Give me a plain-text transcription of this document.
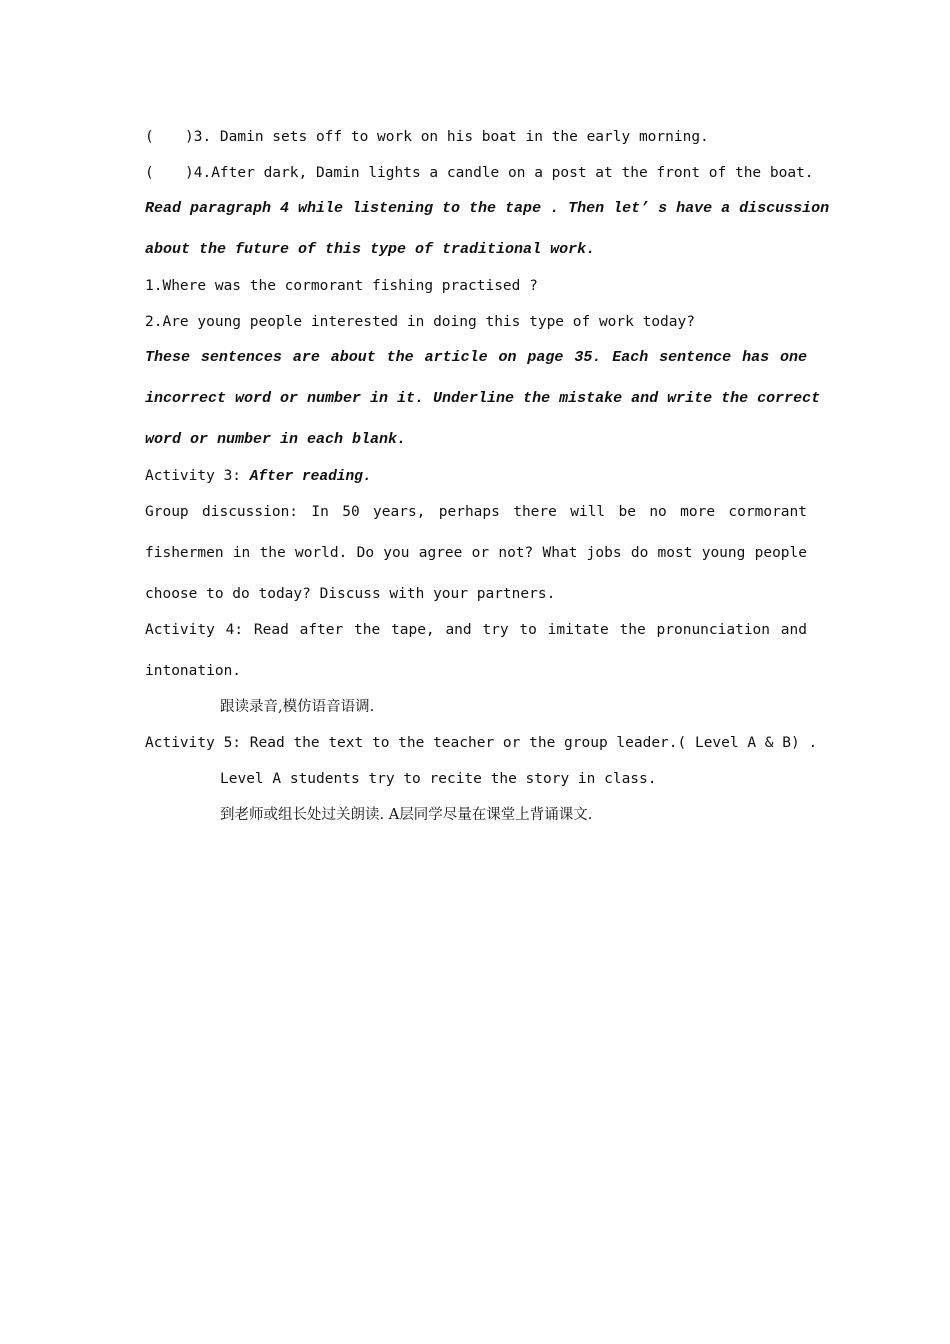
( )3. Damin sets off to work on his boat in the early morning.
( )4.After dark, Damin lights a candle on a post at the front of the boat.
Read paragraph 4 while listening to the tape . Then let’ s have a discussion
about the future of this type of traditional work.
1.Where was the cormorant fishing practised ?
2.Are young people interested in doing this type of work today?
These sentences are about the article on page 35. Each sentence has one
incorrect word or number in it. Underline the mistake and write the correct
word or number in each blank.
Activity 3: After reading.
Group discussion: In 50 years, perhaps there will be no more cormorant
fishermen in the world. Do you agree or not? What jobs do most young people
choose to do today? Discuss with your partners.
Activity 4: Read after the tape, and try to imitate the pronunciation and
intonation.
跟读录音,模仿语音语调.
Activity 5: Read the text to the teacher or the group leader.( Level A & B) .
Level A students try to recite the story in class.
到老师或组长处过关朗读. A层同学尽量在课堂上背诵课文.
